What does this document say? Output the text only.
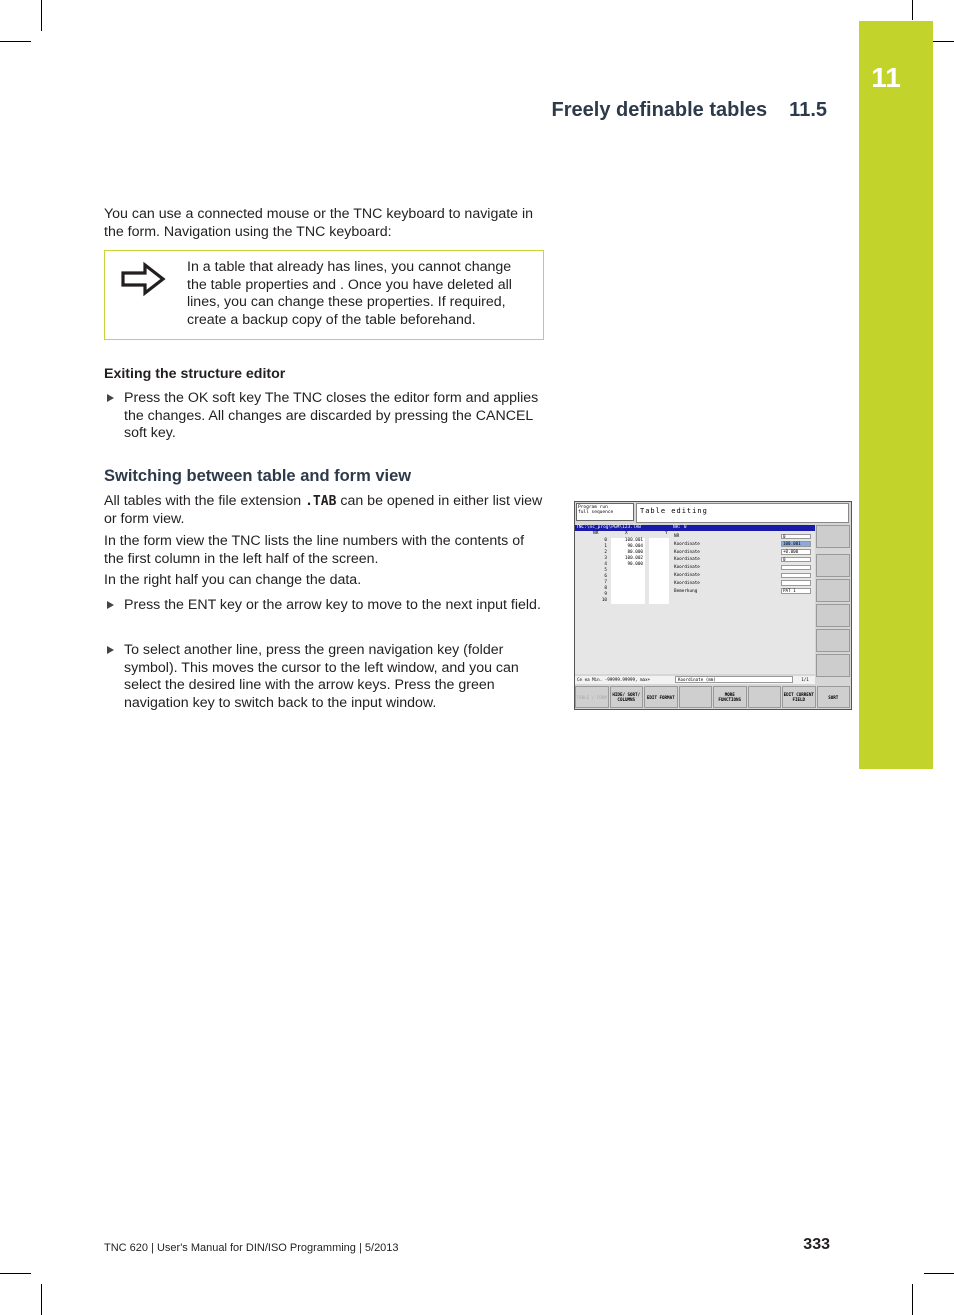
11
Freely definable tables 11.5

You can use a connected mouse or the TNC keyboard to navigate in the form. Navigation using the TNC keyboard:

In a table that already has lines, you cannot change the table properties and . Once you have deleted all lines, you can change these properties. If required, create a backup copy of the table beforehand.
Exiting the structure editor
Press the OK soft key The TNC closes the editor form and applies the changes. All changes are discarded by pressing the CANCEL soft key.
Switching between table and form view

All tables with the file extension .TAB can be opened in either list view or form view.

In the form view the TNC lists the line numbers with the contents of the first column in the left half of the screen.

In the right half you can change the data.

Press the ENT key or the arrow key to move to the next input field.
To select another line, press the green navigation key (folder symbol). This moves the cursor to the left window, and you can select the desired line with the arrow keys. Press the green navigation key to switch back to the input window.
Program run
full sequence	Table editing
TNC:\nc_prog\PGM\123.TAB	NR: 0
NR	X	Y
0	100.001
1	90.004
2	80.000
3	100.002
4	90.000
5
6
7
8
9
10
NR	0
Koordinate	100.001
Koordinate	+0.000
Koordinate	0
Koordinate
Koordinate
Koordinate
Bemerkung	PAT 1
Ce ea Min. -99999.99999, max+	Koordinate (mm)	1/1
TABLE / FORM	HIDE/ SORT/ COLUMNS	EDIT FORMAT	MORE FUNCTIONS
EDIT CURRENT FIELD	SORT
TNC 620 | User's Manual for DIN/ISO Programming | 5/2013	333
